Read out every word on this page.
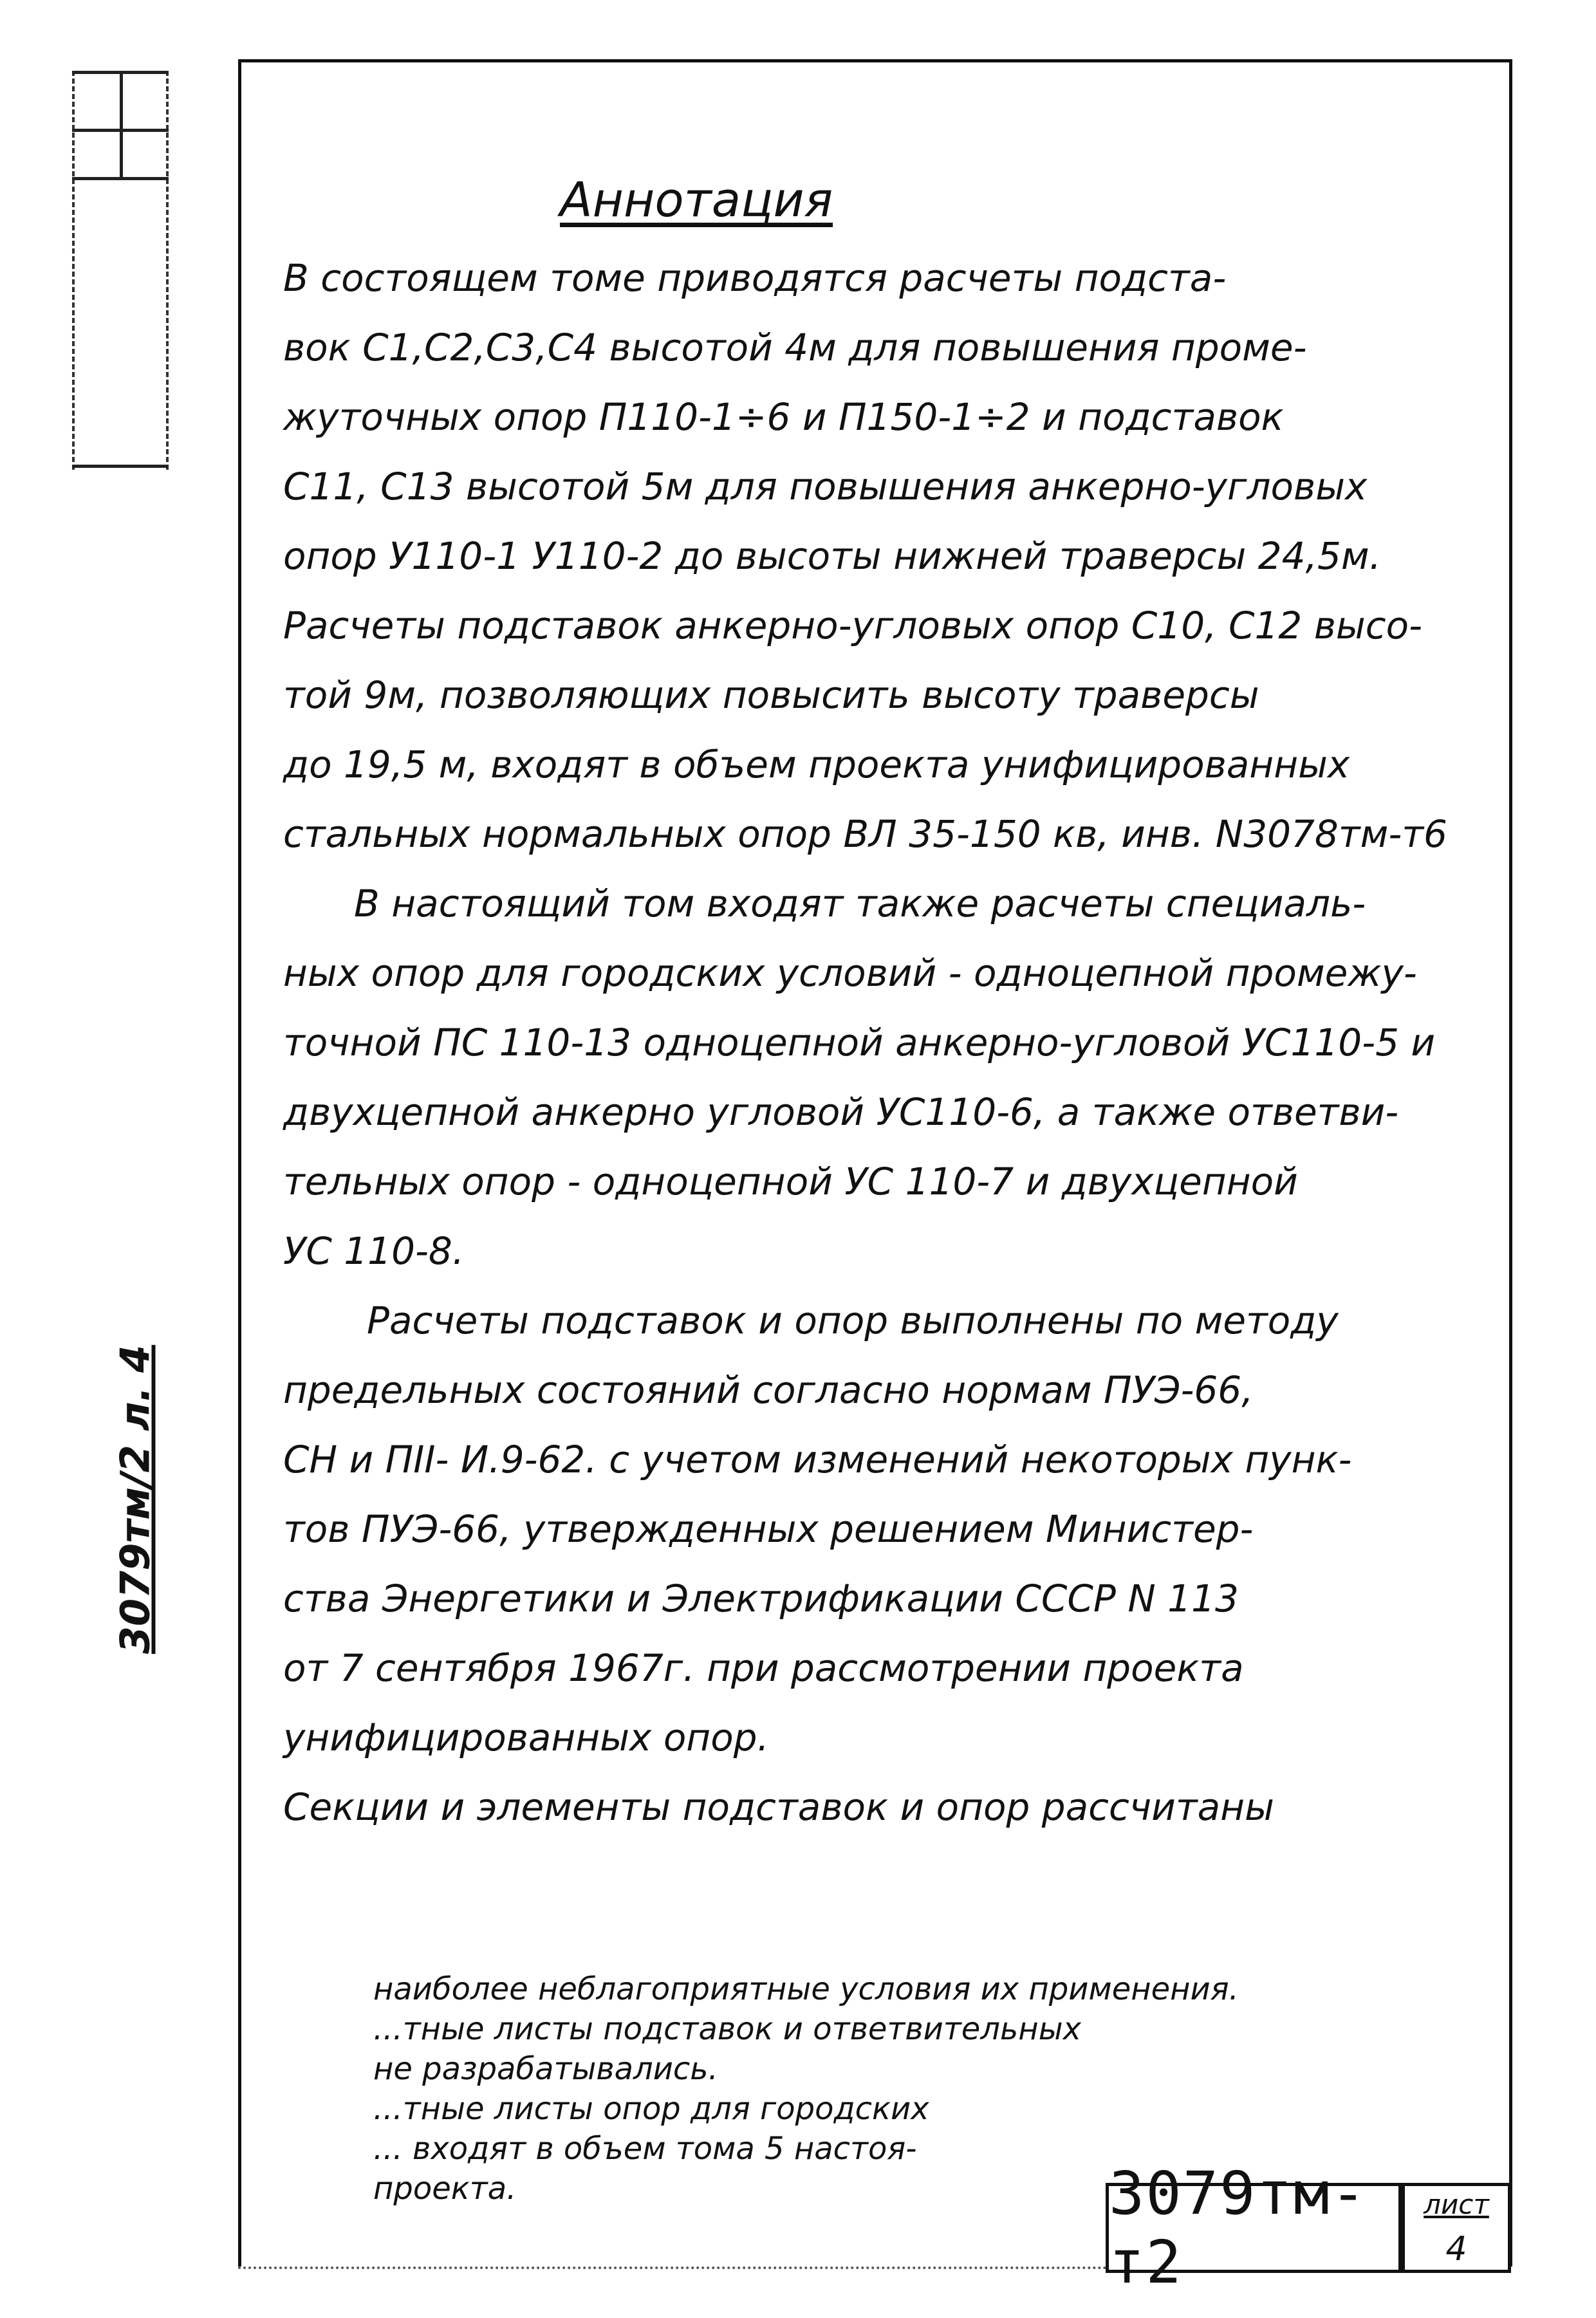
3079тм/2 л. 4
Аннотация
В состоящем томе приводятся расчеты подста-
вок С1,С2,С3,С4 высотой 4м для повышения проме-
жуточных опор П110-1÷6 и П150-1÷2 и подставок
С11, С13 высотой 5м для повышения анкерно-угловых
опор У110-1 У110-2 до высоты нижней траверсы 24,5м.
Расчеты подставок анкерно-угловых опор С10, С12 высо-
той 9м, позволяющих повысить высоту траверсы
до 19,5 м, входят в объем проекта унифицированных
стальных нормальных опор ВЛ 35-150 кв, инв. N3078тм-т6
В настоящий том входят также расчеты специаль-
ных опор для городских условий - одноцепной промежу-
точной ПС 110-13 одноцепной анкерно-угловой УС110-5 и
двухцепной анкерно угловой УС110-6, а также ответви-
тельных опор - одноцепной УС 110-7 и двухцепной
УС 110-8.
Расчеты подставок и опор выполнены по методу
предельных состояний согласно нормам ПУЭ-66,
СН и ПII- И.9-62. с учетом изменений некоторых пунк-
тов ПУЭ-66, утвержденных решением Министер-
ства Энергетики и Электрификации СССР N 113
от 7 сентября 1967г. при рассмотрении проекта
унифицированных опор.
Секции и элементы подставок и опор рассчитаны
наиболее неблагоприятные условия их применения.
...тные листы подставок и ответвительных
не разрабатывались.
...тные листы опор для городских
... входят в объем тома 5 настоя-
проекта.	3079тм-т2
лист
4
